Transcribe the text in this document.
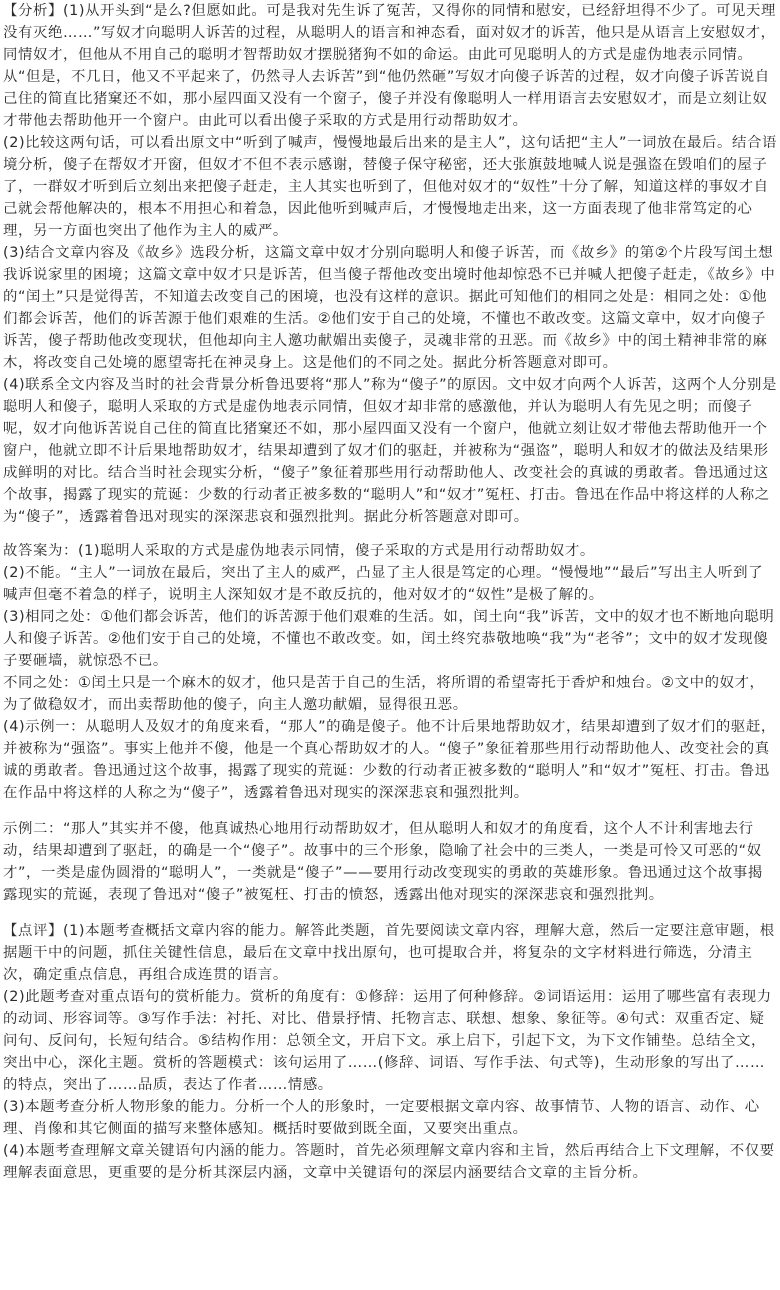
【分析】(1)从开头到“是么?但愿如此。可是我对先生诉了冤苦，又得你的同情和慰安，已经舒坦得不少了。可见天理没有灭绝……”写奴才向聪明人诉苦的过程，从聪明人的语言和神态看，面对奴才的诉苦，他只是从语言上安慰奴才，同情奴才，但他从不用自己的聪明才智帮助奴才摆脱猪狗不如的命运。由此可见聪明人的方式是虚伪地表示同情。从“但是，不几日，他又不平起来了，仍然寻人去诉苦”到“他仍然砸”写奴才向傻子诉苦的过程，奴才向傻子诉苦说自己住的简直比猪窠还不如，那小屋四面又没有一个窗子，傻子并没有像聪明人一样用语言去安慰奴才，而是立刻让奴才带他去帮助他开一个窗户。由此可以看出傻子采取的方式是用行动帮助奴才。

(2)比较这两句话，可以看出原文中“听到了喊声，慢慢地最后出来的是主人”，这句话把“主人”一词放在最后。结合语境分析，傻子在帮奴才开窗，但奴才不但不表示感谢，替傻子保守秘密，还大张旗鼓地喊人说是强盗在毁咱们的屋子了，一群奴才听到后立刻出来把傻子赶走，主人其实也听到了，但他对奴才的“奴性”十分了解，知道这样的事奴才自己就会帮他解决的，根本不用担心和着急，因此他听到喊声后，才慢慢地走出来，这一方面表现了他非常笃定的心理，另一方面也突出了他作为主人的威严。

(3)结合文章内容及《故乡》选段分析，这篇文章中奴才分别向聪明人和傻子诉苦，而《故乡》的第②个片段写闰土想我诉说家里的困境；这篇文章中奴才只是诉苦，但当傻子帮他改变出境时他却惊恐不已并喊人把傻子赶走，《故乡》中的“闰土”只是觉得苦，不知道去改变自己的困境，也没有这样的意识。据此可知他们的相同之处是：相同之处：①他们都会诉苦，他们的诉苦源于他们艰难的生活。②他们安于自己的处境，不懂也不敢改变。这篇文章中，奴才向傻子诉苦，傻子帮助他改变现状，但他却向主人邀功献媚出卖傻子，灵魂非常的丑恶。而《故乡》中的闰土精神非常的麻木，将改变自己处境的愿望寄托在神灵身上。这是他们的不同之处。据此分析答题意对即可。

(4)联系全文内容及当时的社会背景分析鲁迅要将“那人”称为“傻子”的原因。文中奴才向两个人诉苦，这两个人分别是聪明人和傻子，聪明人采取的方式是虚伪地表示同情，但奴才却非常的感激他，并认为聪明人有先见之明；而傻子呢，奴才向他诉苦说自己住的简直比猪窠还不如，那小屋四面又没有一个窗户，他就立刻让奴才带他去帮助他开一个窗户，他就立即不计后果地帮助奴才，结果却遭到了奴才们的驱赶，并被称为“强盗”，聪明人和奴才的做法及结果形成鲜明的对比。结合当时社会现实分析，“傻子”象征着那些用行动帮助他人、改变社会的真诚的勇敢者。鲁迅通过这个故事，揭露了现实的荒诞：少数的行动者正被多数的“聪明人”和“奴才”冤枉、打击。鲁迅在作品中将这样的人称之为“傻子”，透露着鲁迅对现实的深深悲哀和强烈批判。据此分析答题意对即可。

故答案为：(1)聪明人采取的方式是虚伪地表示同情，傻子采取的方式是用行动帮助奴才。

(2)不能。“主人”一词放在最后，突出了主人的威严，凸显了主人很是笃定的心理。“慢慢地”“最后”写出主人听到了喊声但毫不着急的样子，说明主人深知奴才是不敢反抗的，他对奴才的“奴性”是极了解的。

(3)相同之处：①他们都会诉苦，他们的诉苦源于他们艰难的生活。如，闰土向“我”诉苦，文中的奴才也不断地向聪明人和傻子诉苦。②他们安于自己的处境，不懂也不敢改变。如，闰土终究恭敬地唤“我”为“老爷”；文中的奴才发现傻子要砸墙，就惊恐不已。

不同之处：①闰土只是一个麻木的奴才，他只是苦于自己的生活，将所谓的希望寄托于香炉和烛台。②文中的奴才，为了做稳奴才，而出卖帮助他的傻子，向主人邀功献媚，显得很丑恶。

(4)示例一：从聪明人及奴才的角度来看，“那人”的确是傻子。他不计后果地帮助奴才，结果却遭到了奴才们的驱赶，并被称为“强盗”。事实上他并不傻，他是一个真心帮助奴才的人。“傻子”象征着那些用行动帮助他人、改变社会的真诚的勇敢者。鲁迅通过这个故事，揭露了现实的荒诞：少数的行动者正被多数的“聪明人”和“奴才”冤枉、打击。鲁迅在作品中将这样的人称之为“傻子”，透露着鲁迅对现实的深深悲哀和强烈批判。

示例二：“那人”其实并不傻，他真诚热心地用行动帮助奴才，但从聪明人和奴才的角度看，这个人不计利害地去行动，结果却遭到了驱赶，的确是一个“傻子”。故事中的三个形象，隐喻了社会中的三类人，一类是可怜又可恶的“奴才”，一类是虚伪圆滑的“聪明人”，一类就是“傻子”——要用行动改变现实的勇敢的英雄形象。鲁迅通过这个故事揭露现实的荒诞，表现了鲁迅对“傻子”被冤枉、打击的愤怒，透露出他对现实的深深悲哀和强烈批判。

【点评】(1)本题考查概括文章内容的能力。解答此类题，首先要阅读文章内容，理解大意，然后一定要注意审题，根据题干中的问题，抓住关键性信息，最后在文章中找出原句，也可提取合并，将复杂的文字材料进行筛选，分清主次，确定重点信息，再组合成连贯的语言。

(2)此题考查对重点语句的赏析能力。赏析的角度有：①修辞：运用了何种修辞。②词语运用：运用了哪些富有表现力的动词、形容词等。③写作手法：衬托、对比、借景抒情、托物言志、联想、想象、象征等。④句式：双重否定、疑问句、反问句，长短句结合。⑤结构作用：总领全文，开启下文。承上启下，引起下文，为下文作铺垫。总结全文，突出中心，深化主题。赏析的答题模式：该句运用了……(修辞、词语、写作手法、句式等)，生动形象的写出了……的特点，突出了……品质，表达了作者……情感。

(3)本题考查分析人物形象的能力。分析一个人的形象时，一定要根据文章内容、故事情节、人物的语言、动作、心理、肖像和其它侧面的描写来整体感知。概括时要做到既全面，又要突出重点。

(4)本题考查理解文章关键语句内涵的能力。答题时，首先必须理解文章内容和主旨，然后再结合上下文理解，不仅要理解表面意思，更重要的是分析其深层内涵，文章中关键语句的深层内涵要结合文章的主旨分析。
